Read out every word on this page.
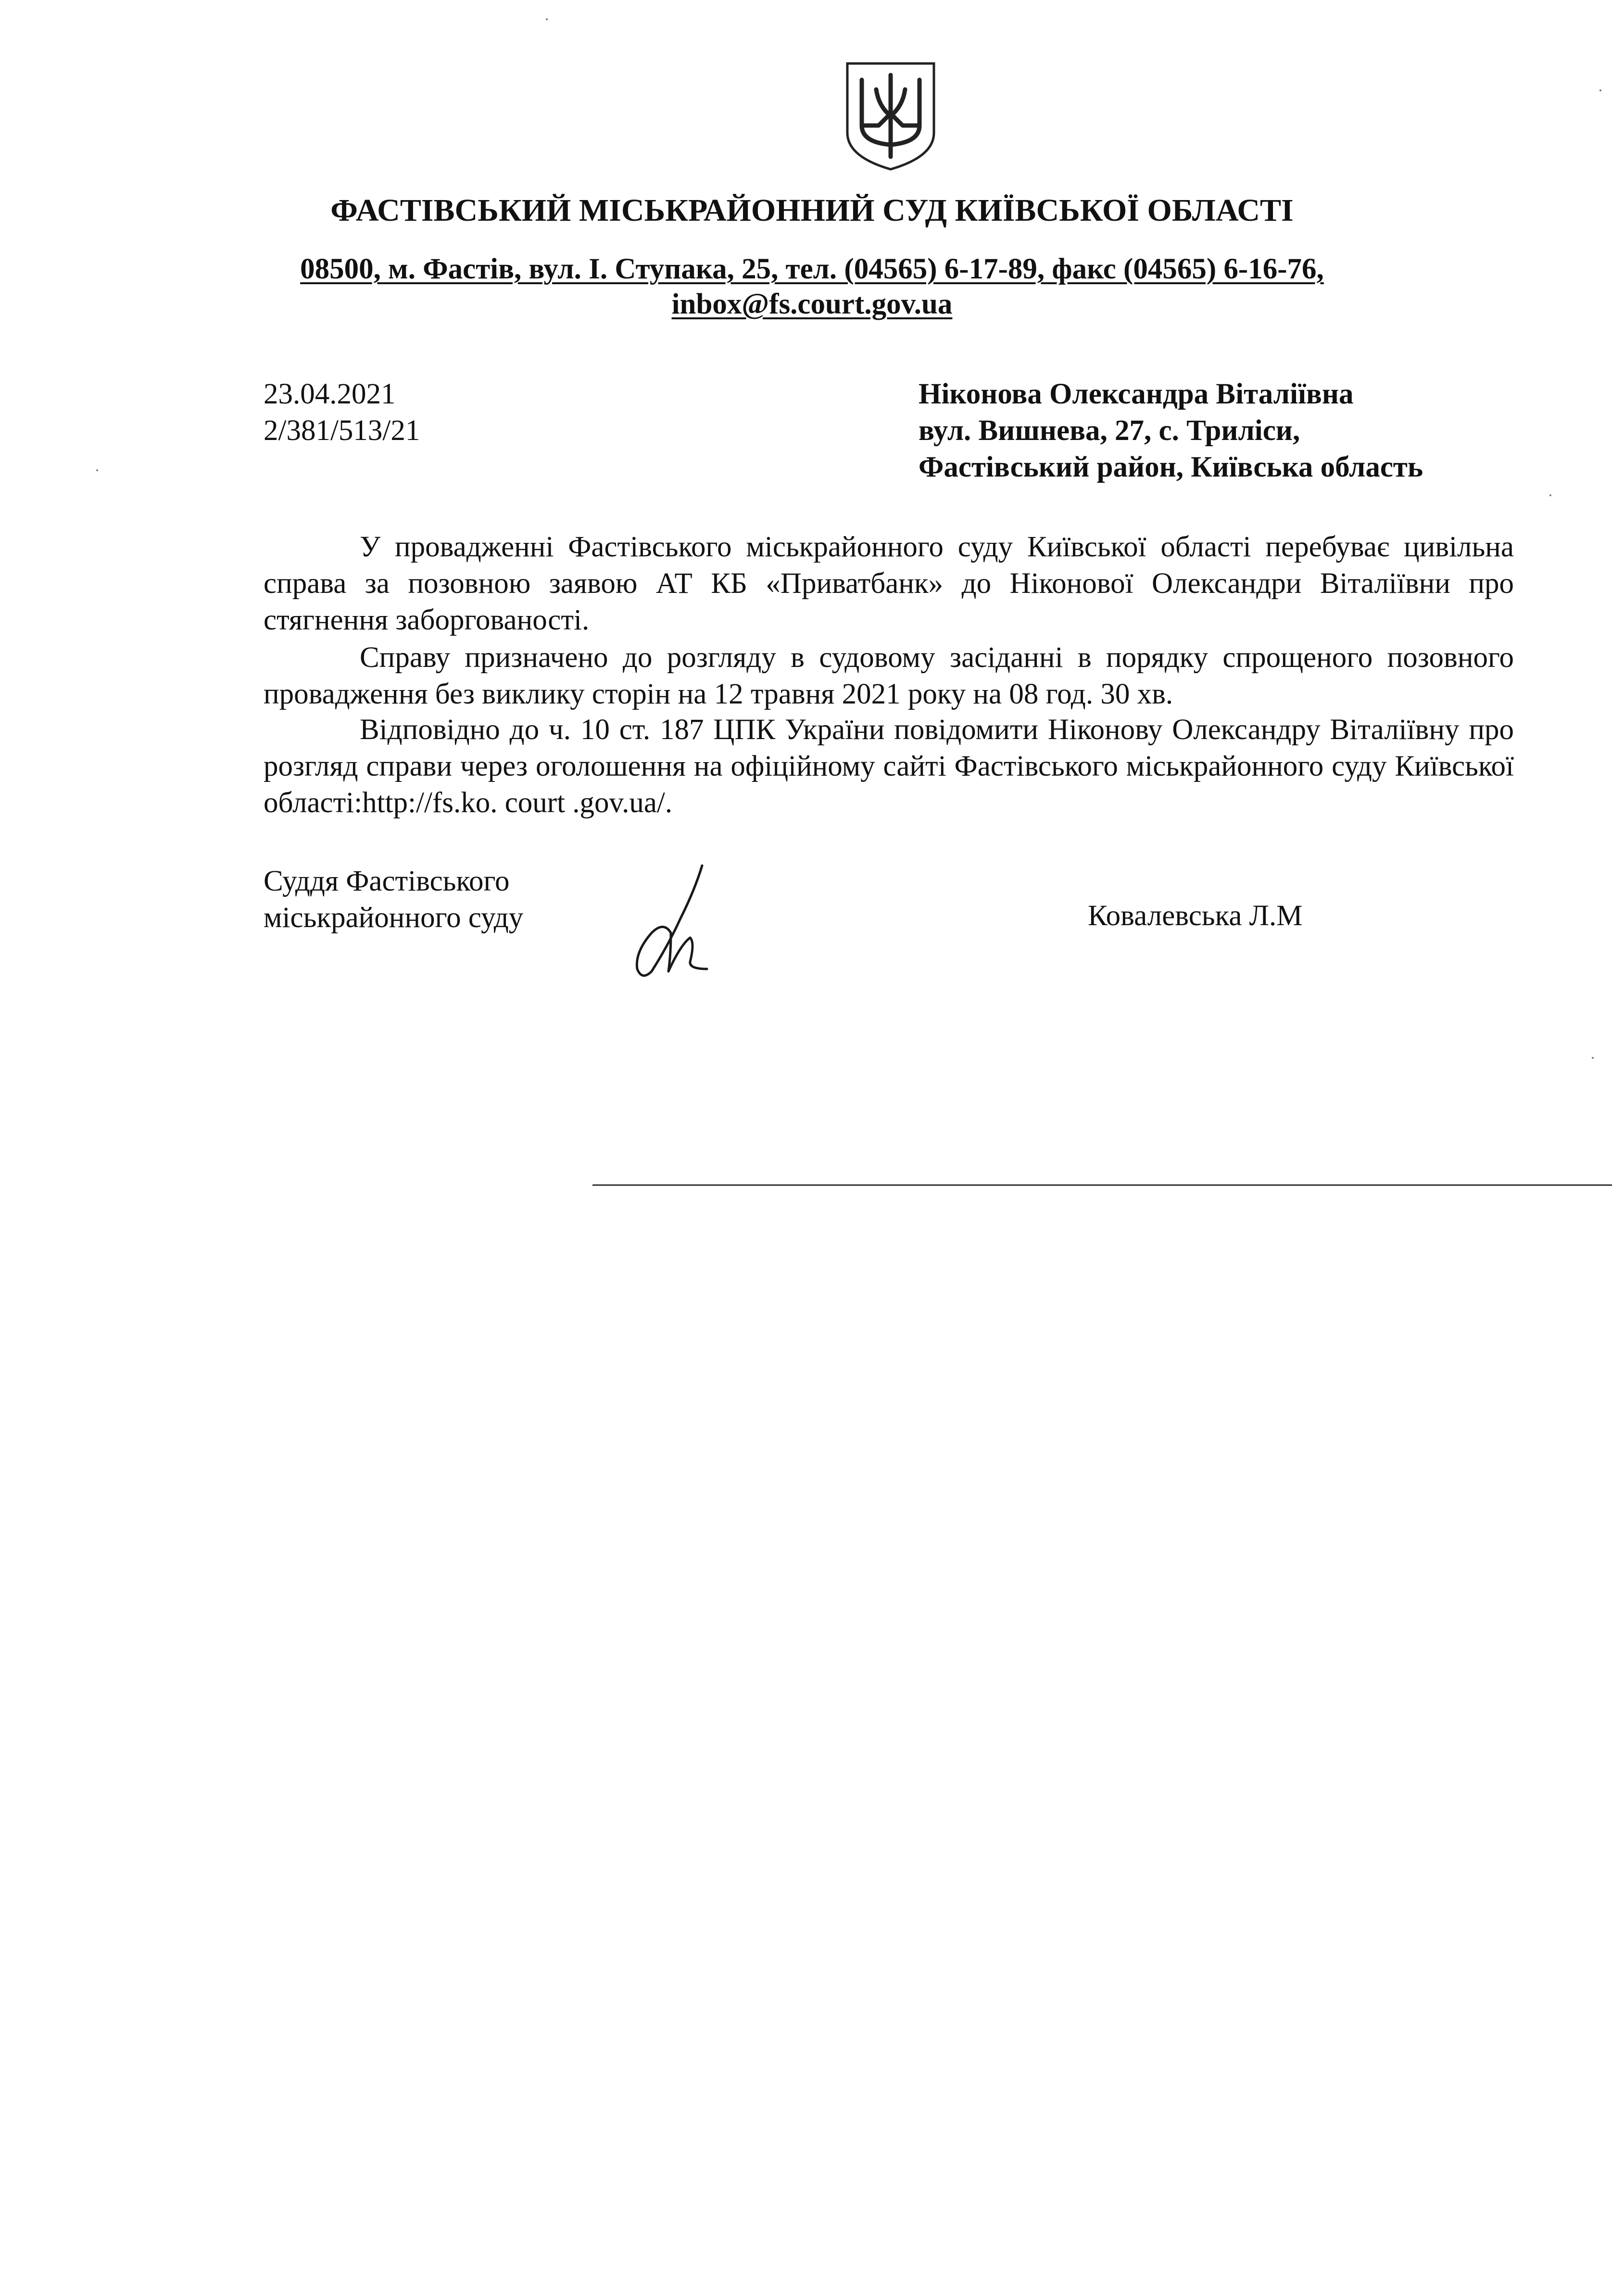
ФАСТІВСЬКИЙ МІСЬКРАЙОННИЙ СУД КИЇВСЬКОЇ ОБЛАСТІ
08500, м. Фастів, вул. І. Ступака, 25, тел. (04565) 6-17-89, факс (04565) 6-16-76,
inbox@fs.court.gov.ua
23.04.2021
2/381/513/21
Ніконова Олександра Віталіївна
вул. Вишнева, 27, с. Триліси,
Фастівський район, Київська область
У провадженні Фастівського міськрайонного суду Київської області перебуває цивільна справа за позовною заявою АТ КБ «Приватбанк» до Ніконової Олександри Віталіївни про стягнення заборгованості.
Справу призначено до розгляду в судовому засіданні в порядку спрощеного позовного провадження без виклику сторін на 12 травня 2021 року на 08 год. 30 хв.
Відповідно до ч. 10 ст. 187 ЦПК України повідомити Ніконову Олександру Віталіївну про розгляд справи через оголошення на офіційному сайті Фастівського міськрайонного суду Київської області:http://fs.ko. court .gov.ua/.
Суддя Фастівського
міськрайонного суду	Ковалевська Л.М
